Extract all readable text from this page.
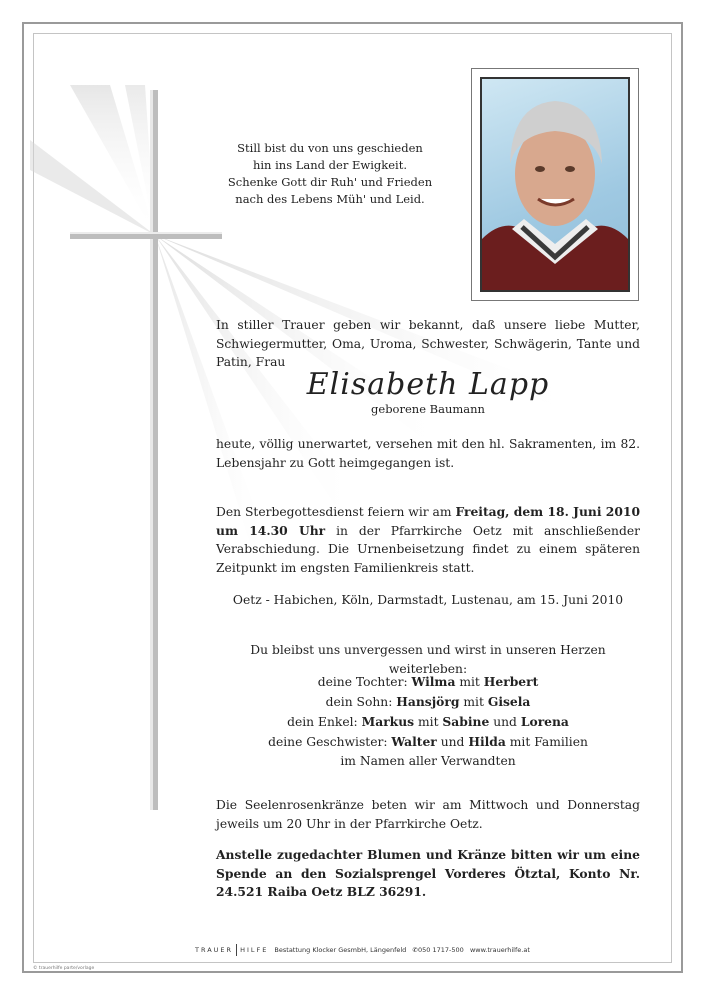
Still bist du von uns geschieden
hin ins Land der Ewigkeit.
Schenke Gott dir Ruh' und Frieden
nach des Lebens Müh' und Leid.
In stiller Trauer geben wir bekannt, daß unsere liebe Mutter, Schwiegermutter, Oma, Uroma, Schwester, Schwägerin, Tante und Patin, Frau
Elisabeth Lapp
geborene Baumann
heute, völlig unerwartet, versehen mit den hl. Sakramenten, im 82. Lebensjahr zu Gott heimgegangen ist.
Den Sterbegottesdienst feiern wir am Freitag, dem 18. Juni 2010 um 14.30 Uhr in der Pfarrkirche Oetz mit anschließender Verabschiedung. Die Urnenbeisetzung findet zu einem späteren Zeitpunkt im engsten Familienkreis statt.
Oetz - Habichen, Köln, Darmstadt, Lustenau, am 15. Juni 2010
Du bleibst uns unvergessen und wirst in unseren Herzen weiterleben:
deine Tochter: Wilma mit Herbert
dein Sohn: Hansjörg mit Gisela
dein Enkel: Markus mit Sabine und Lorena
deine Geschwister: Walter und Hilda mit Familien
im Namen aller Verwandten
Die Seelenrosenkränze beten wir am Mittwoch und Donnerstag jeweils um 20 Uhr in der Pfarrkirche Oetz.
Anstelle zugedachter Blumen und Kränze bitten wir um eine Spende an den Sozialsprengel Vorderes Ötztal, Konto Nr. 24.521 Raiba Oetz BLZ 36291.
TRAUER HILFE Bestattung Klocker GesmbH, Längenfeld ✆050 1717-500 www.trauerhilfe.at
© trauerhilfe parte/vorlage
